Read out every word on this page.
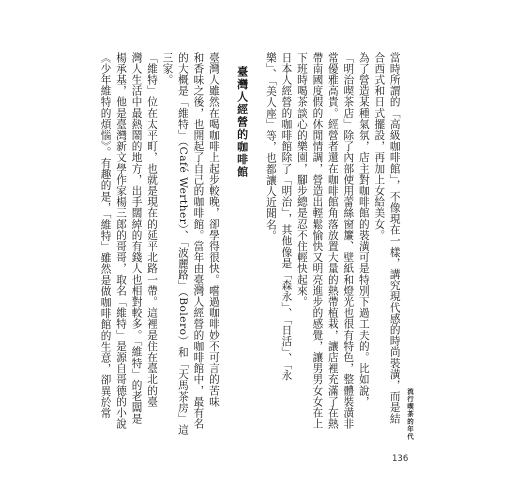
當時所謂的「高級咖啡館」，不像現在一樣，講究現代感的時尚裝潢，而是結
合西式和日式擺設，再加上女給美女。
為了營造某種氣氛，店主對咖啡館的裝潢可是特別下過工夫的。比如說，
「明治喫茶店」除了內部使用蕾絲窗簾、壁紙和燈光也很有特色，整體裝潢非
常優雅高貴。經營者還在咖啡館角落放置大量的熱帶植栽，讓店裡充滿了在熱
帶南國度假的休閒情調，營造出輕鬆愉快又明亮進步的感覺，讓男男女女在上
下班時喝茶談心的樂園，腳步總是忍不住輕快起來。
日本人經營的咖啡館除了「明治」，其他像是「森永」、「日活」、「永
樂」、「美人座」等，也都讓人近聞名。
臺灣人經營的咖啡館
臺灣人雖然在喝咖啡上起步較晚，卻學得很快。嚐過咖啡妙不可言的苦味
和香味之後，也開起了自己的咖啡館。當年由臺灣人經營的咖啡館中，最有名
的大概是「維特」（Café Werther）、「波麗路」（Bolero）和「天馬茶房」這
三家。
「維特」位在太平町，也就是現在的延平北路一帶。這裡是住在臺北的臺
灣人生活中最熱鬧的地方，出手闊綽的有錢人也相對較多。「維特」的老闆是
楊承基，他是臺灣新文學作家楊三郎的哥哥，取名「維特」是源自哥德的小說
《少年維特的煩惱》。有趣的是，「維特」雖然是做咖啡館的生意，卻異於常	流行喫茶的年代
136
